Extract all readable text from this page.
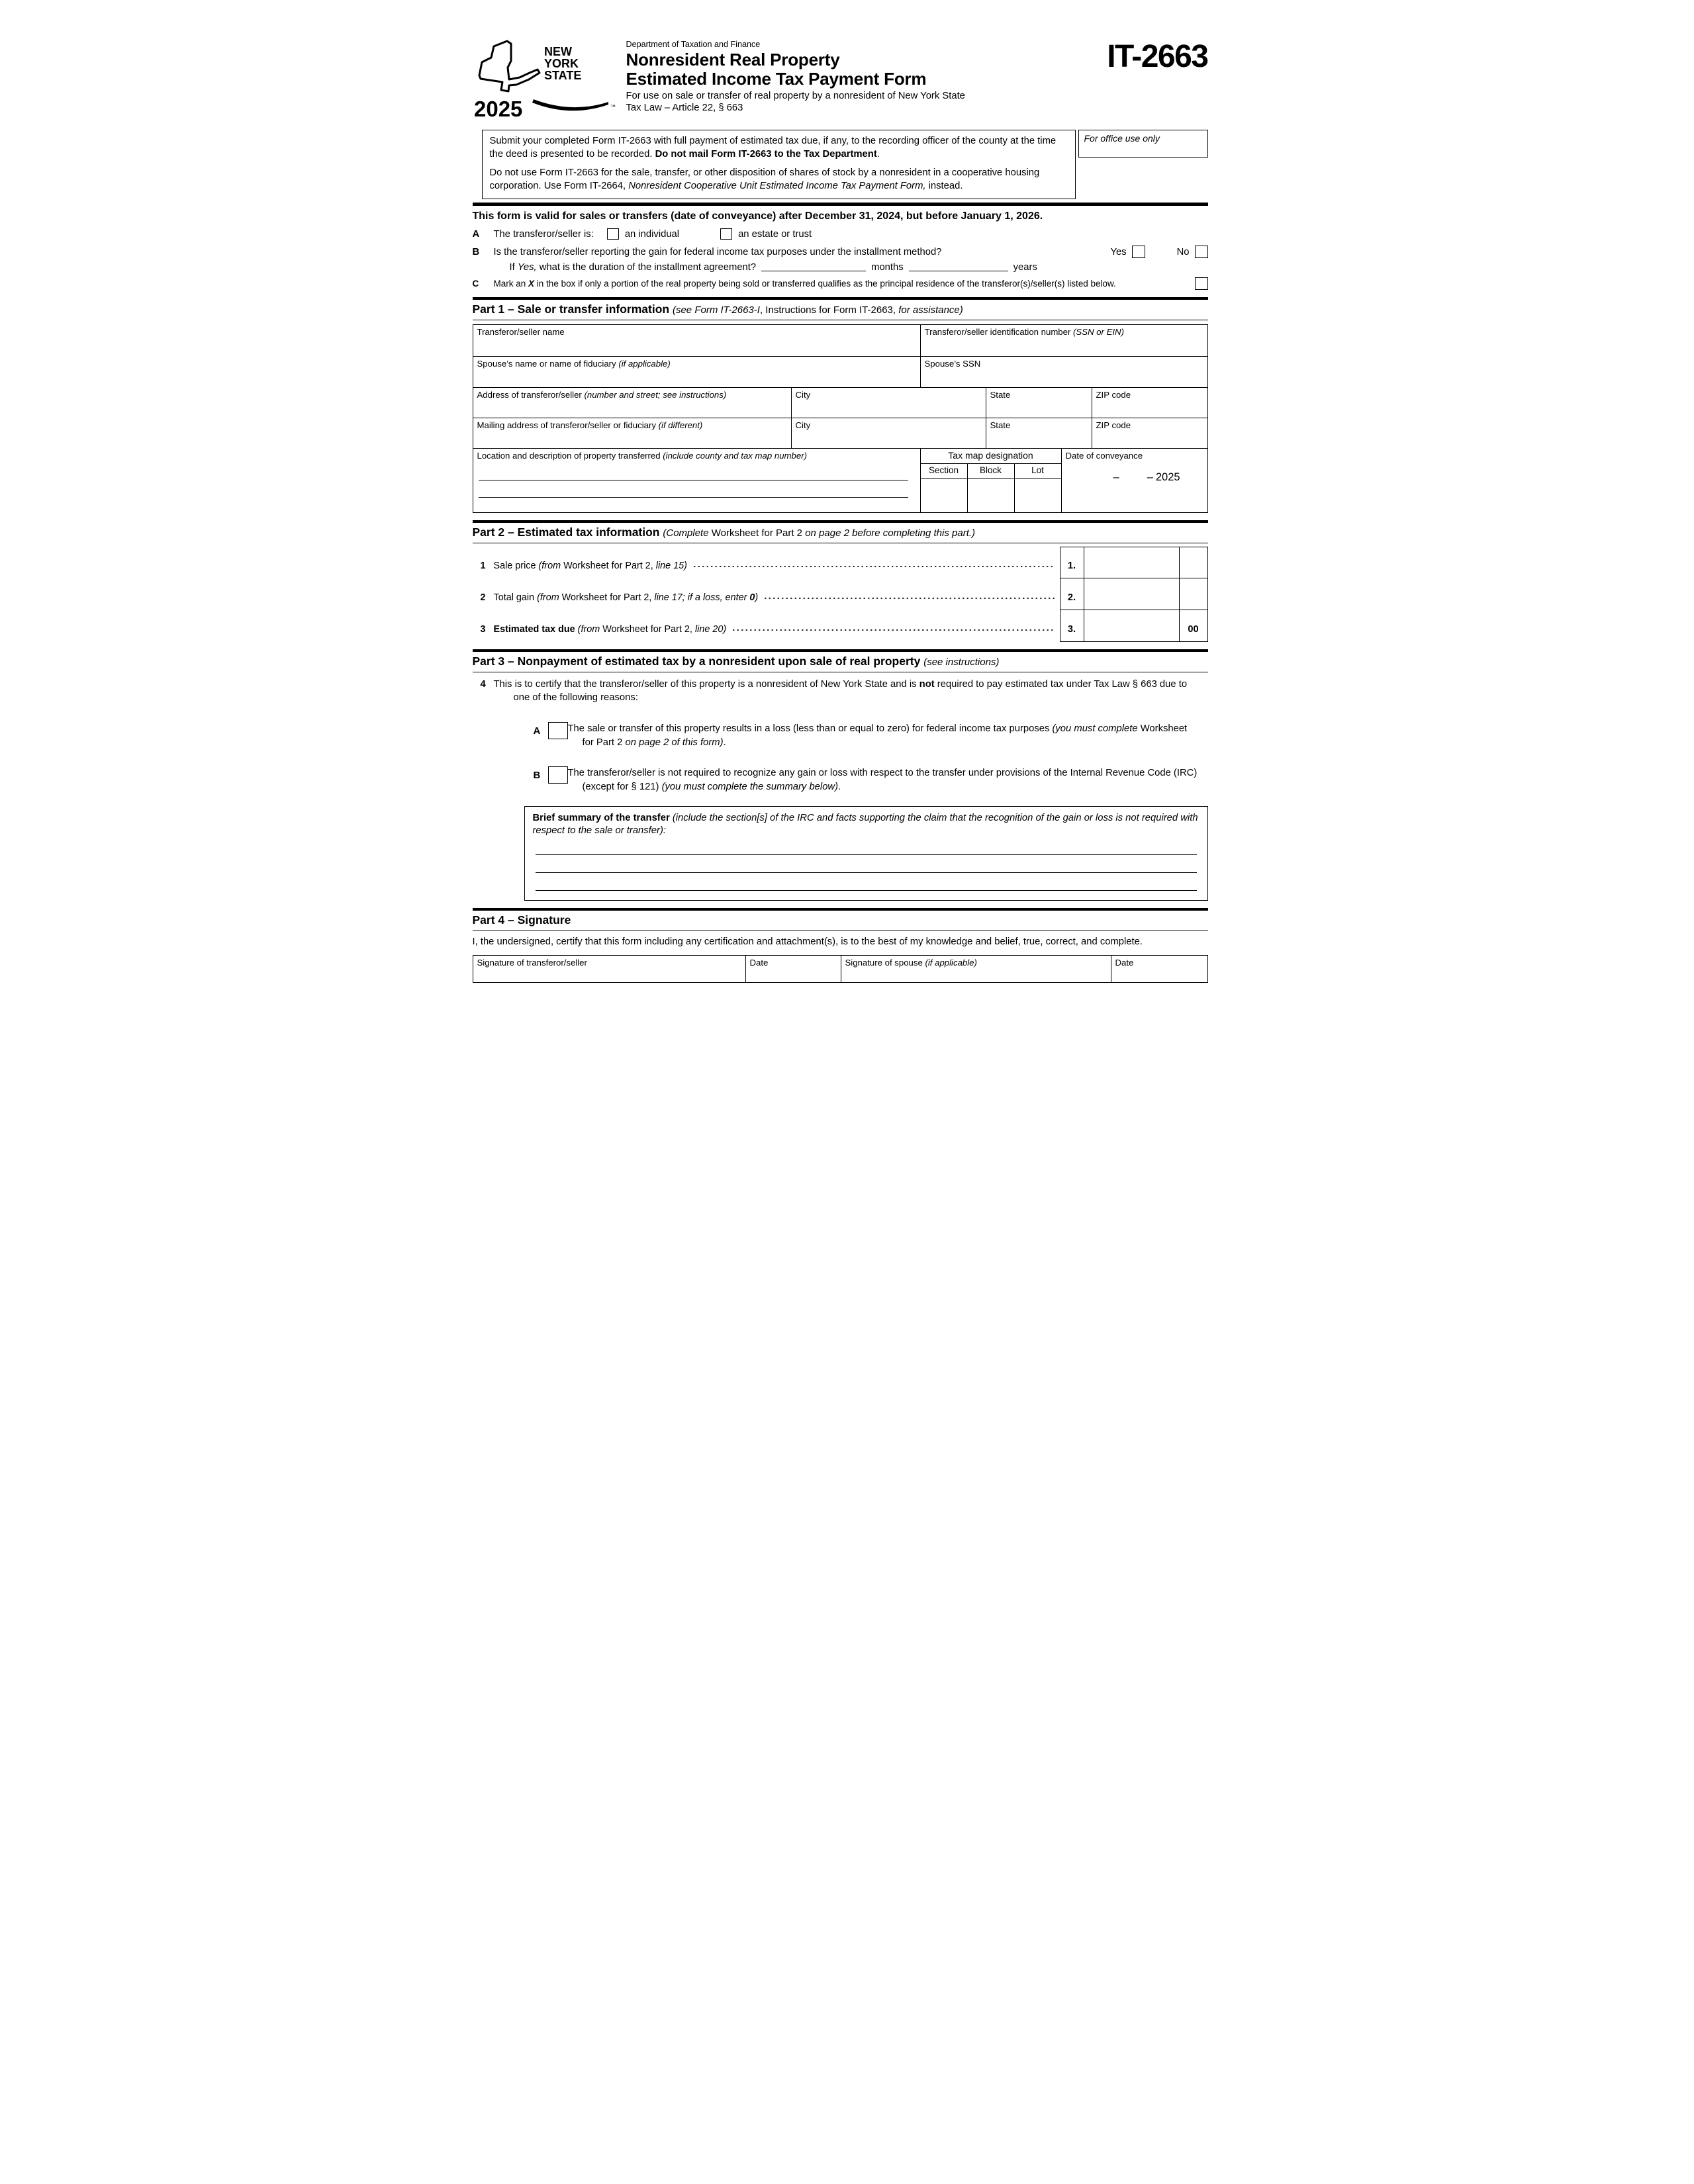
NEW
YORK
STATE
2025	™
Department of Taxation and Finance
Nonresident Real Property
Estimated Income Tax Payment Form
For use on sale or transfer of real property by a nonresident of New York State
Tax Law – Article 22, § 663
IT-2663

Submit your completed Form IT-2663 with full payment of estimated tax due, if any, to the recording officer of the county at the time the deed is presented to be recorded. Do not mail Form IT-2663 to the Tax Department.

Do not use Form IT-2663 for the sale, transfer, or other disposition of shares of stock by a nonresident in a cooperative housing corporation. Use Form IT-2664, Nonresident Cooperative Unit Estimated Income Tax Payment Form, instead.

For office use only
This form is valid for sales or transfers (date of conveyance) after December 31, 2024, but before January 1, 2026.
A	The transferor/seller is:	an individual	an estate or trust
B	Is the transferor/seller reporting the gain for federal income tax purposes under the installment method?	Yes	No
If Yes, what is the duration of the installment agreement?	months	years
C	Mark an X in the box if only a portion of the real property being sold or transferred qualifies as the principal residence of the transferor(s)/seller(s) listed below.
Part 1 – Sale or transfer information (see Form IT-2663-I, Instructions for Form IT-2663, for assistance)
Transferor/seller name	Transferor/seller identification number (SSN or EIN)
Spouse’s name or name of fiduciary (if applicable)	Spouse’s SSN
Address of transferor/seller (number and street; see instructions)	City	State	ZIP code
Mailing address of transferor/seller or fiduciary (if different)	City	State	ZIP code
Location and description of property transferred (include county and tax map number)	Tax map designation
Section	Block	Lot
Date of conveyance
–	– 2025
Part 2 – Estimated tax information (Complete Worksheet for Part 2 on page 2 before completing this part.)
1 Sale price (from Worksheet for Part 2, line 15)	1.
2 Total gain (from Worksheet for Part 2, line 17; if a loss, enter 0)	2.
3 Estimated tax due (from Worksheet for Part 2, line 20)	3.	00
Part 3 – Nonpayment of estimated tax by a nonresident upon sale of real property (see instructions)
4 This is to certify that the transferor/seller of this property is a nonresident of New York State and is not required to pay estimated tax under Tax Law § 663 due to one of the following reasons:
A	The sale or transfer of this property results in a loss (less than or equal to zero) for federal income tax purposes (you must complete Worksheet for Part 2 on page 2 of this form).
B	The transferor/seller is not required to recognize any gain or loss with respect to the transfer under provisions of the Internal Revenue Code (IRC) (except for § 121) (you must complete the summary below).
Brief summary of the transfer (include the section[s] of the IRC and facts supporting the claim that the recognition of the gain or loss is not required with respect to the sale or transfer):
Part 4 – Signature
I, the undersigned, certify that this form including any certification and attachment(s), is to the best of my knowledge and belief, true, correct, and complete.
Signature of transferor/seller	Date	Signature of spouse (if applicable)	Date
